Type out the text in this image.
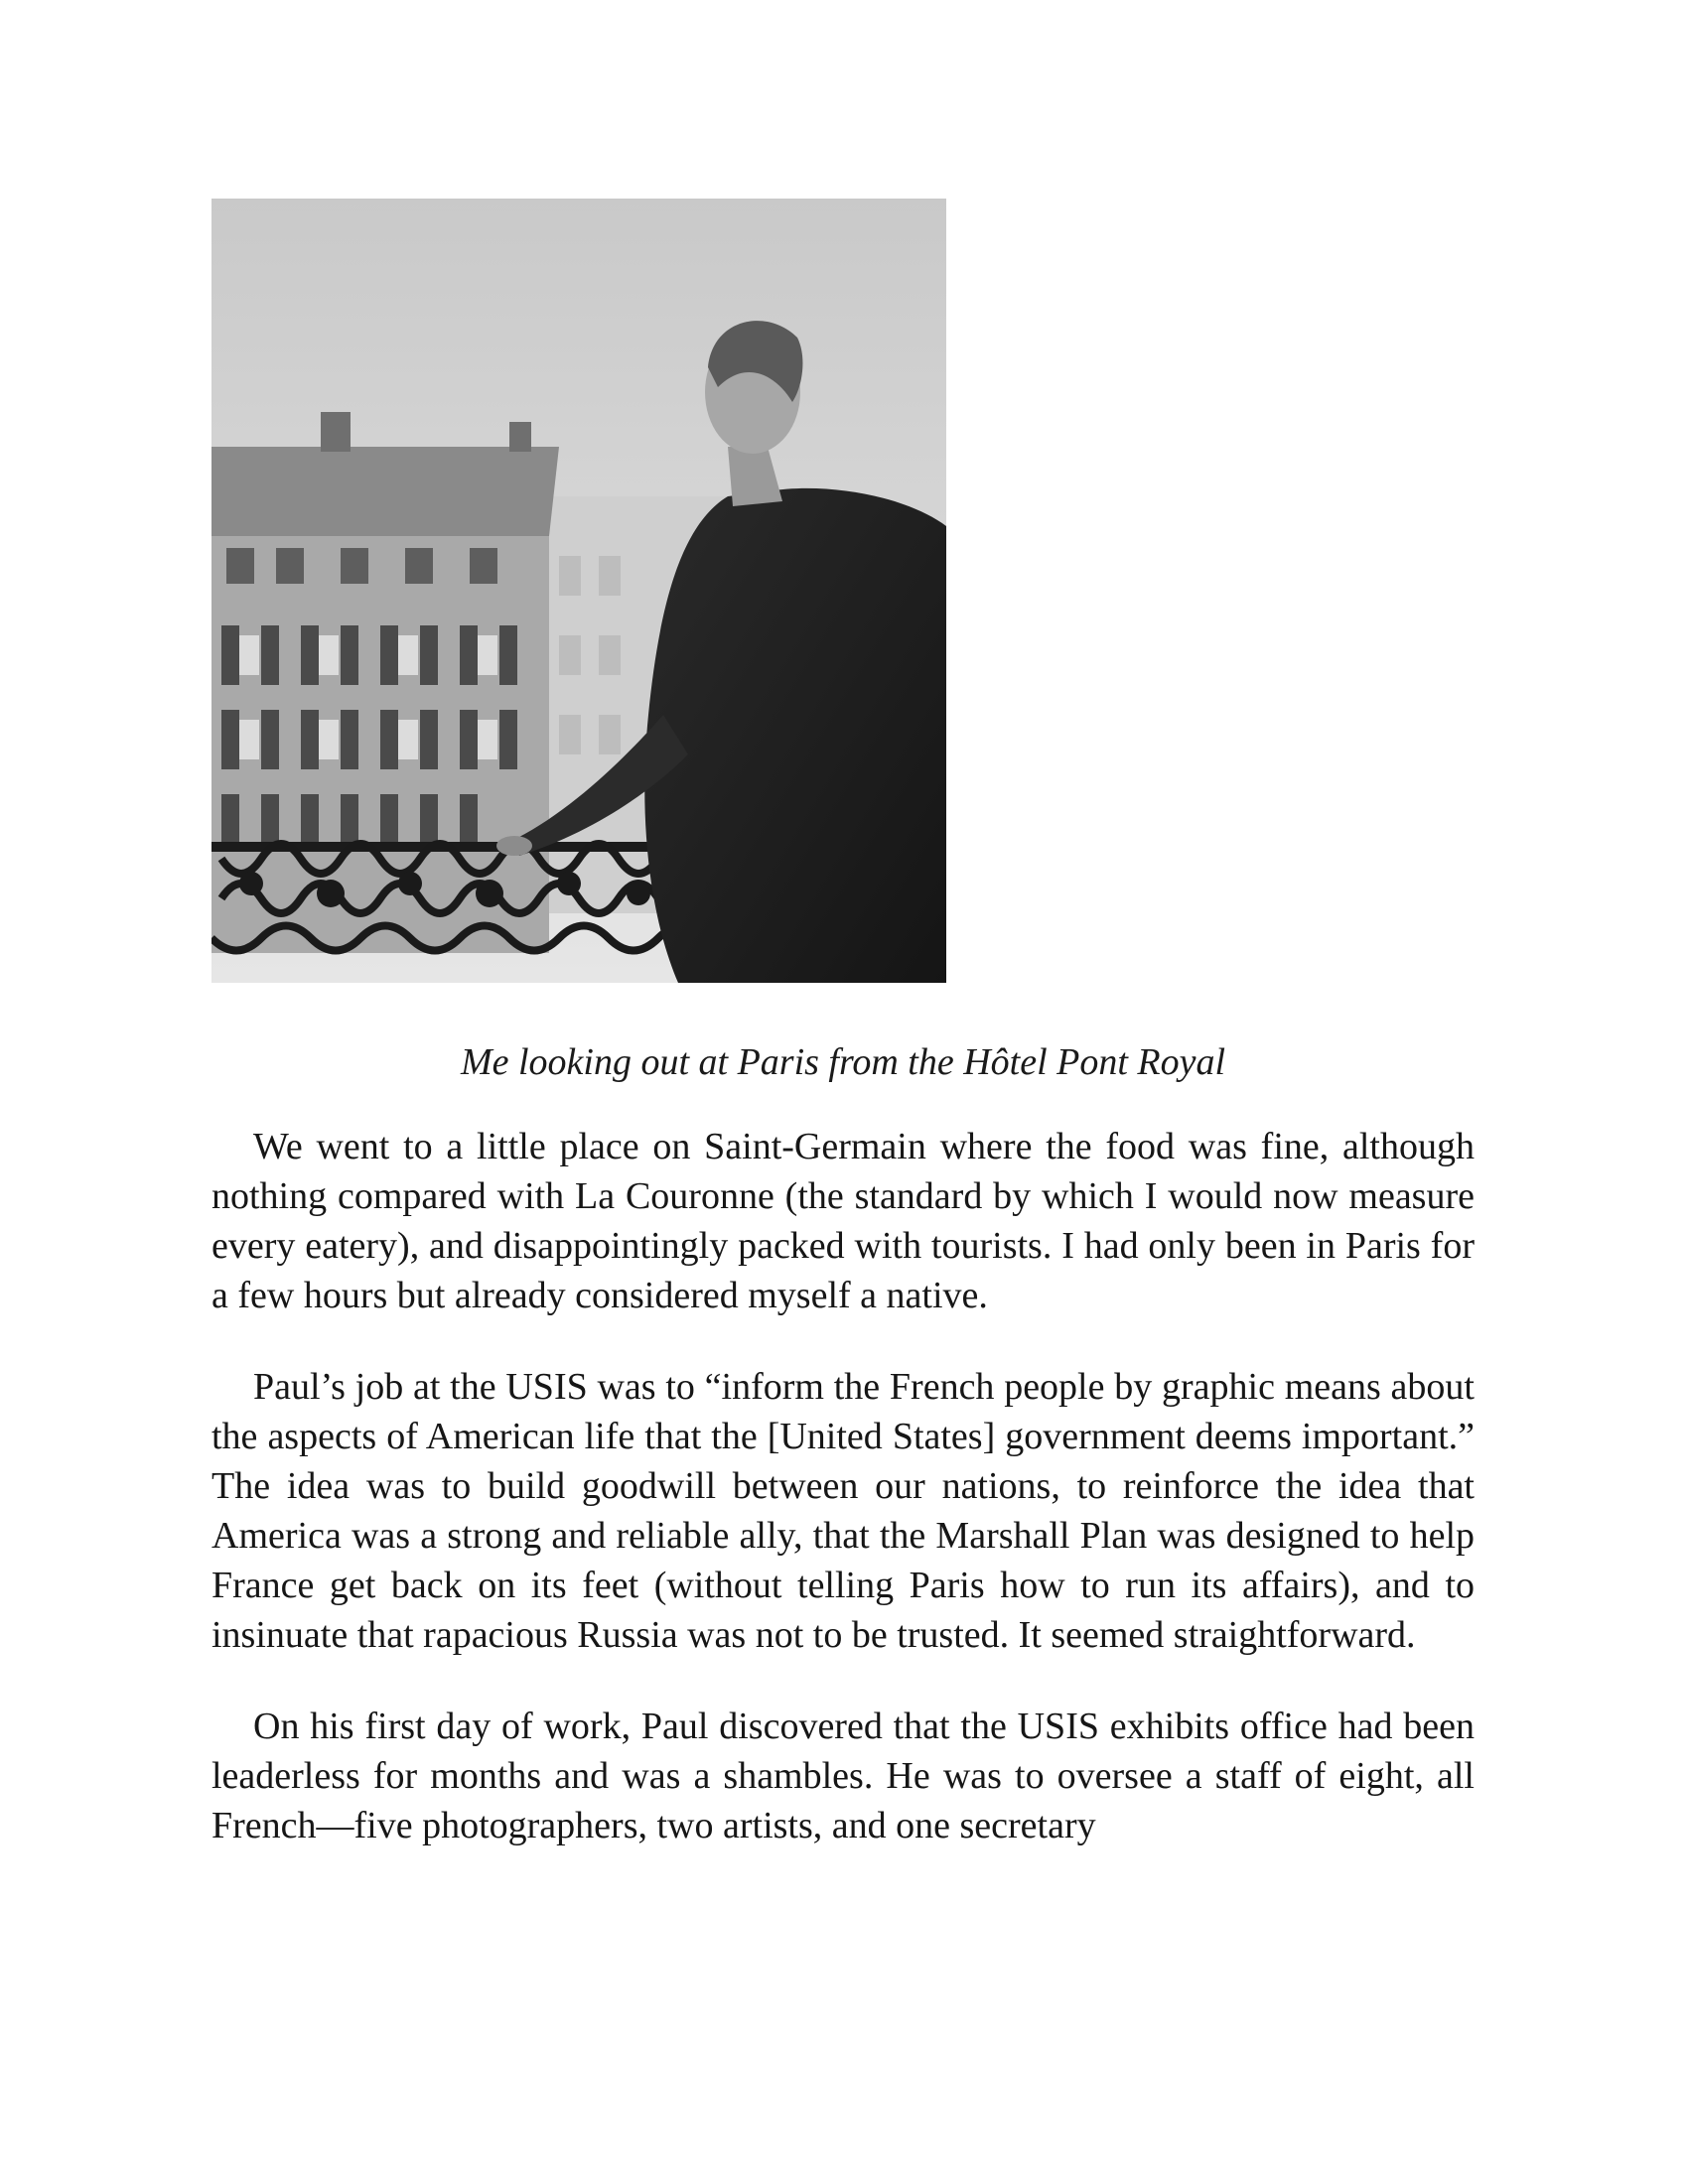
Me looking out at Paris from the Hôtel Pont Royal

We went to a little place on Saint-Germain where the food was fine, although nothing compared with La Couronne (the standard by which I would now measure every eatery), and disappointingly packed with tourists. I had only been in Paris for a few hours but already considered myself a native.

Paul’s job at the USIS was to “inform the French people by graphic means about the aspects of American life that the [United States] government deems important.” The idea was to build goodwill between our nations, to reinforce the idea that America was a strong and reliable ally, that the Marshall Plan was designed to help France get back on its feet (without telling Paris how to run its affairs), and to insinuate that rapacious Russia was not to be trusted. It seemed straightforward.

On his first day of work, Paul discovered that the USIS exhibits office had been leaderless for months and was a shambles. He was to oversee a staff of eight, all French—five photographers, two artists, and one secretary
